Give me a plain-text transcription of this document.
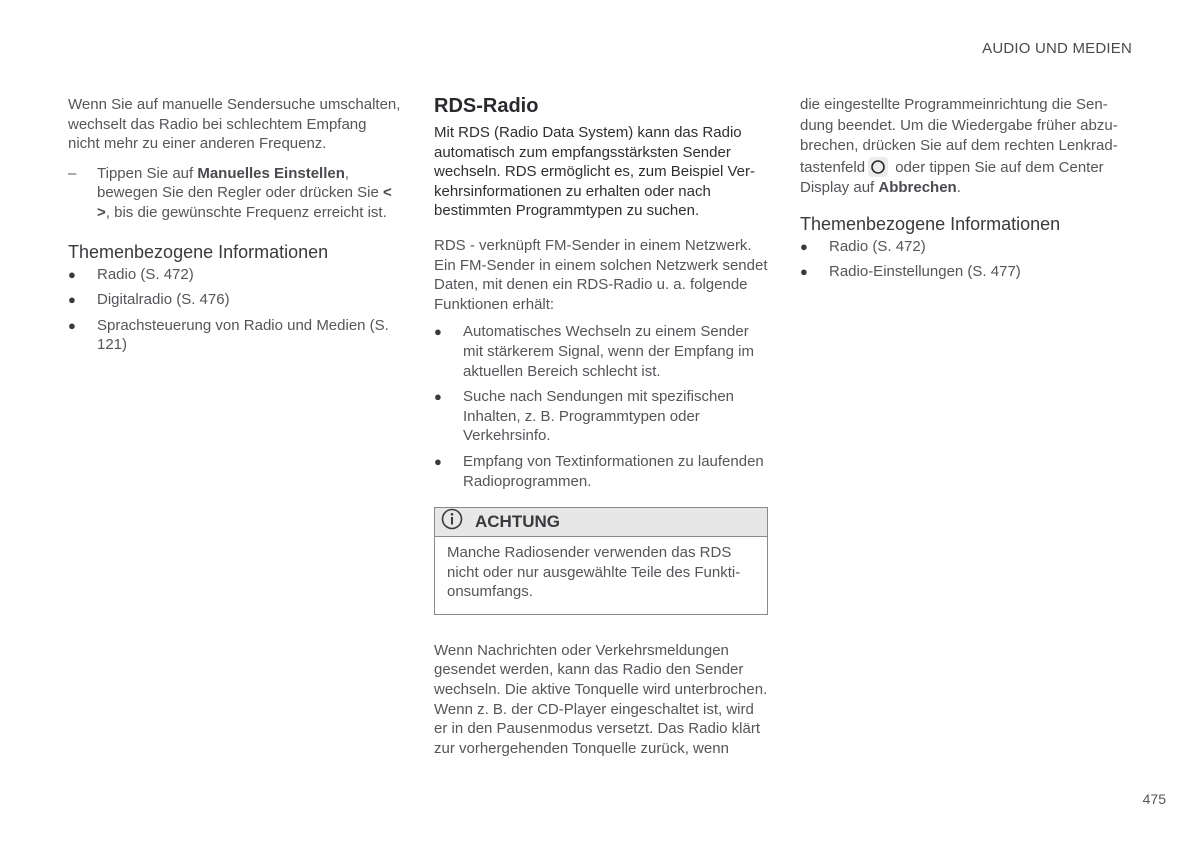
AUDIO UND MEDIEN

Wenn Sie auf manuelle Sendersuche umschalten, wechselt das Radio bei schlechtem Empfang nicht mehr zu einer anderen Frequenz.

–	Tippen Sie auf Manuelles Einstellen, bewegen Sie den Regler oder drücken Sie < >, bis die gewünschte Frequenz erreicht ist.
Themenbezogene Informationen
●	Radio (S. 472)
●	Digitalradio (S. 476)
●	Sprachsteuerung von Radio und Medien (S. 121)
RDS-Radio

Mit RDS (Radio Data System) kann das Radio automatisch zum empfangsstärksten Sender wechseln. RDS ermöglicht es, zum Beispiel Verkehrsinformationen zu erhalten oder nach bestimmten Programmtypen zu suchen.

RDS - verknüpft FM-Sender in einem Netzwerk. Ein FM-Sender in einem solchen Netzwerk sendet Daten, mit denen ein RDS-Radio u. a. folgende Funktionen erhält:

●	Automatisches Wechseln zu einem Sender mit stärkerem Signal, wenn der Empfang im aktuellen Bereich schlecht ist.
●	Suche nach Sendungen mit spezifischen Inhalten, z. B. Programmtypen oder Verkehrsinfo.
●	Empfang von Textinformationen zu laufenden Radioprogrammen.
ACHTUNG
Manche Radiosender verwenden das RDS nicht oder nur ausgewählte Teile des Funktionsumfangs.

Wenn Nachrichten oder Verkehrsmeldungen gesendet werden, kann das Radio den Sender wechseln. Die aktive Tonquelle wird unterbrochen. Wenn z. B. der CD-Player eingeschaltet ist, wird er in den Pausenmodus versetzt. Das Radio klärt zur vorhergehenden Tonquelle zurück, wenn

die eingestellte Programmeinrichtung die Sendung beendet. Um die Wiedergabe früher abzubrechen, drücken Sie auf dem rechten Lenkradtastenfeld
oder tippen Sie auf dem Center Display auf Abbrechen.

Themenbezogene Informationen
●	Radio (S. 472)
●	Radio-Einstellungen (S. 477)
475
